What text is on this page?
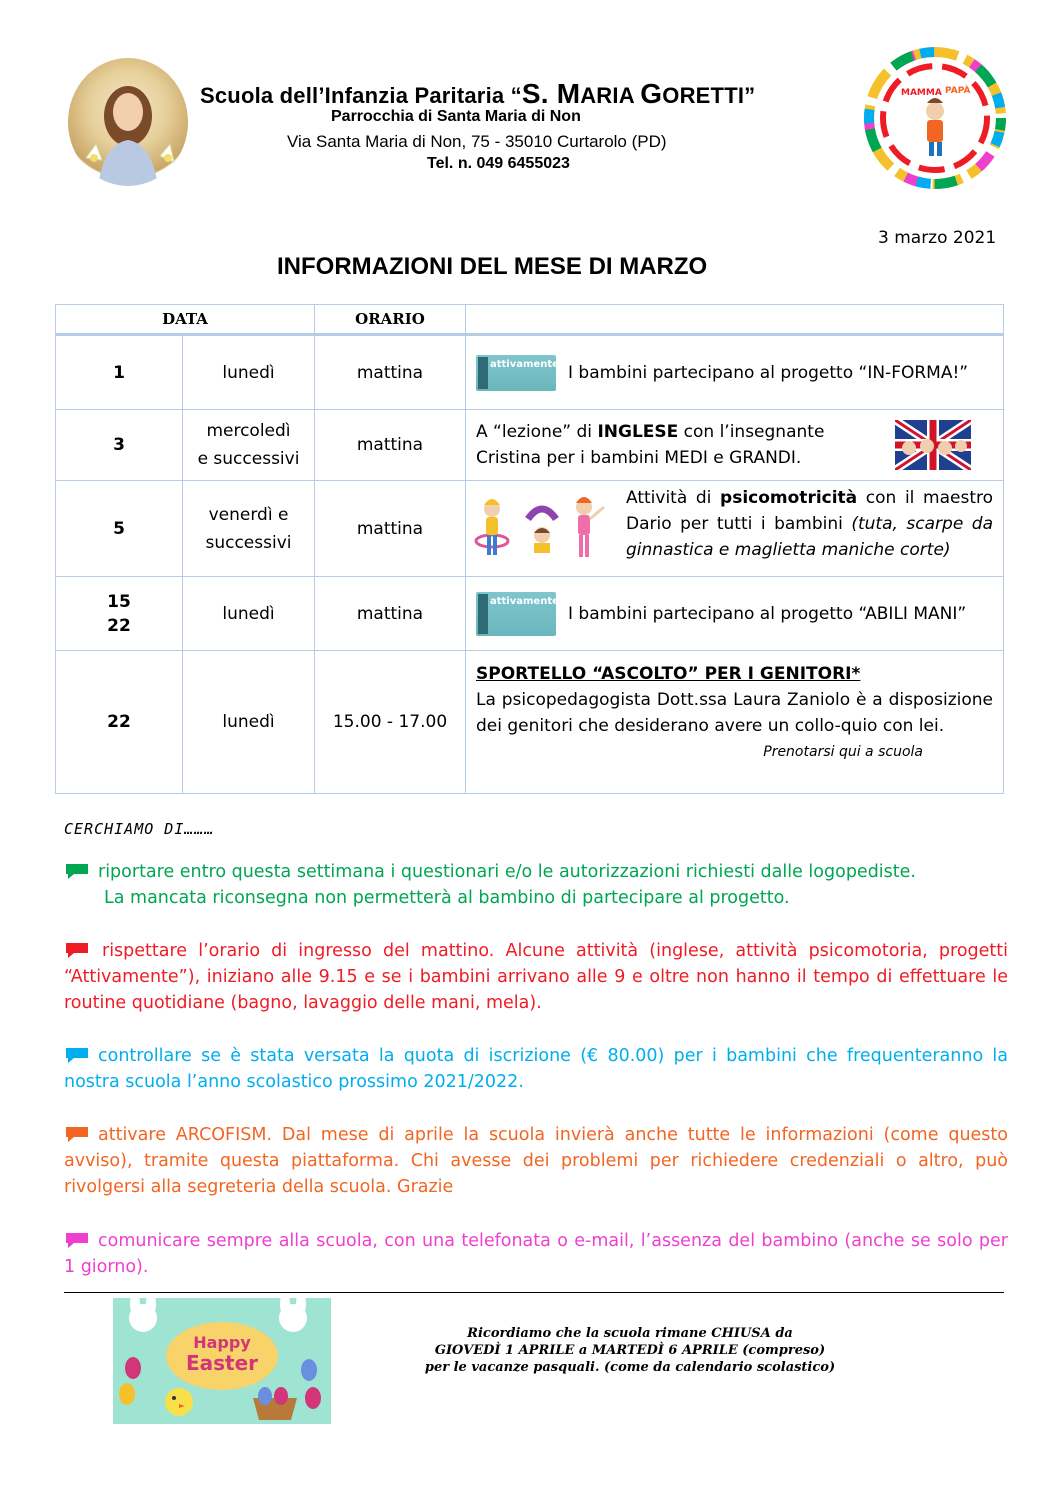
Scuola dell’Infanzia Paritaria “S. MARIA GORETTI”
Parrocchia di Santa Maria di Non
Via Santa Maria di Non, 75 - 35010 Curtarolo (PD)
Tel. n. 049 6455023
MAMMA PAPÀ
3 marzo 2021
INFORMAZIONI DEL MESE DI MARZO
DATA		ORARIO	
1	lunedì	mattina	attivamente I bambini partecipano al progetto “IN-FORMA!”
3	mercoledì
e successivi	mattina	A “lezione” di INGLESE con l’insegnante
Cristina per i bambini MEDI e GRANDI.

5	venerdì e
successivi	mattina	Attività di psicomotricità con il maestro Dario per tutti i bambini (tuta, scarpe da ginnastica e maglietta maniche corte)

15
22	lunedì	mattina	attivamente
I bambini partecipano al progetto “ABILI MANI”
22	lunedì	15.00 - 17.00	SPORTELLO “ASCOLTO” PER I GENITORI*
La psicopedagogista Dott.ssa Laura Zaniolo è a disposizione dei genitori che desiderano avere un collo-quio con lei.
Prenotarsi qui a scuola
CERCHIAMO DI………
riportare entro questa settimana i questionari e/o le autorizzazioni richiesti dalle logopediste.
La mancata riconsegna non permetterà al bambino di partecipare al progetto.
rispettare l’orario di ingresso del mattino. Alcune attività (inglese, attività psicomotoria, progetti “Attivamente”), iniziano alle 9.15 e se i bambini arrivano alle 9 e oltre non hanno il tempo di effettuare le routine quotidiane (bagno, lavaggio delle mani, mela).
controllare se è stata versata la quota di iscrizione (€ 80.00) per i bambini che frequenteranno la nostra scuola l’anno scolastico prossimo 2021/2022.
attivare ARCOFISM. Dal mese di aprile la scuola invierà anche tutte le informazioni (come questo avviso), tramite questa piattaforma. Chi avesse dei problemi per richiedere credenziali o altro, può rivolgersi alla segreteria della scuola. Grazie
comunicare sempre alla scuola, con una telefonata o e-mail, l’assenza del bambino (anche se solo per 1 giorno).
Happy
Easter
Ricordiamo che la scuola rimane CHIUSA da
GIOVEDÌ 1 APRILE a MARTEDÌ 6 APRILE (compreso)
per le vacanze pasquali. (come da calendario scolastico)
